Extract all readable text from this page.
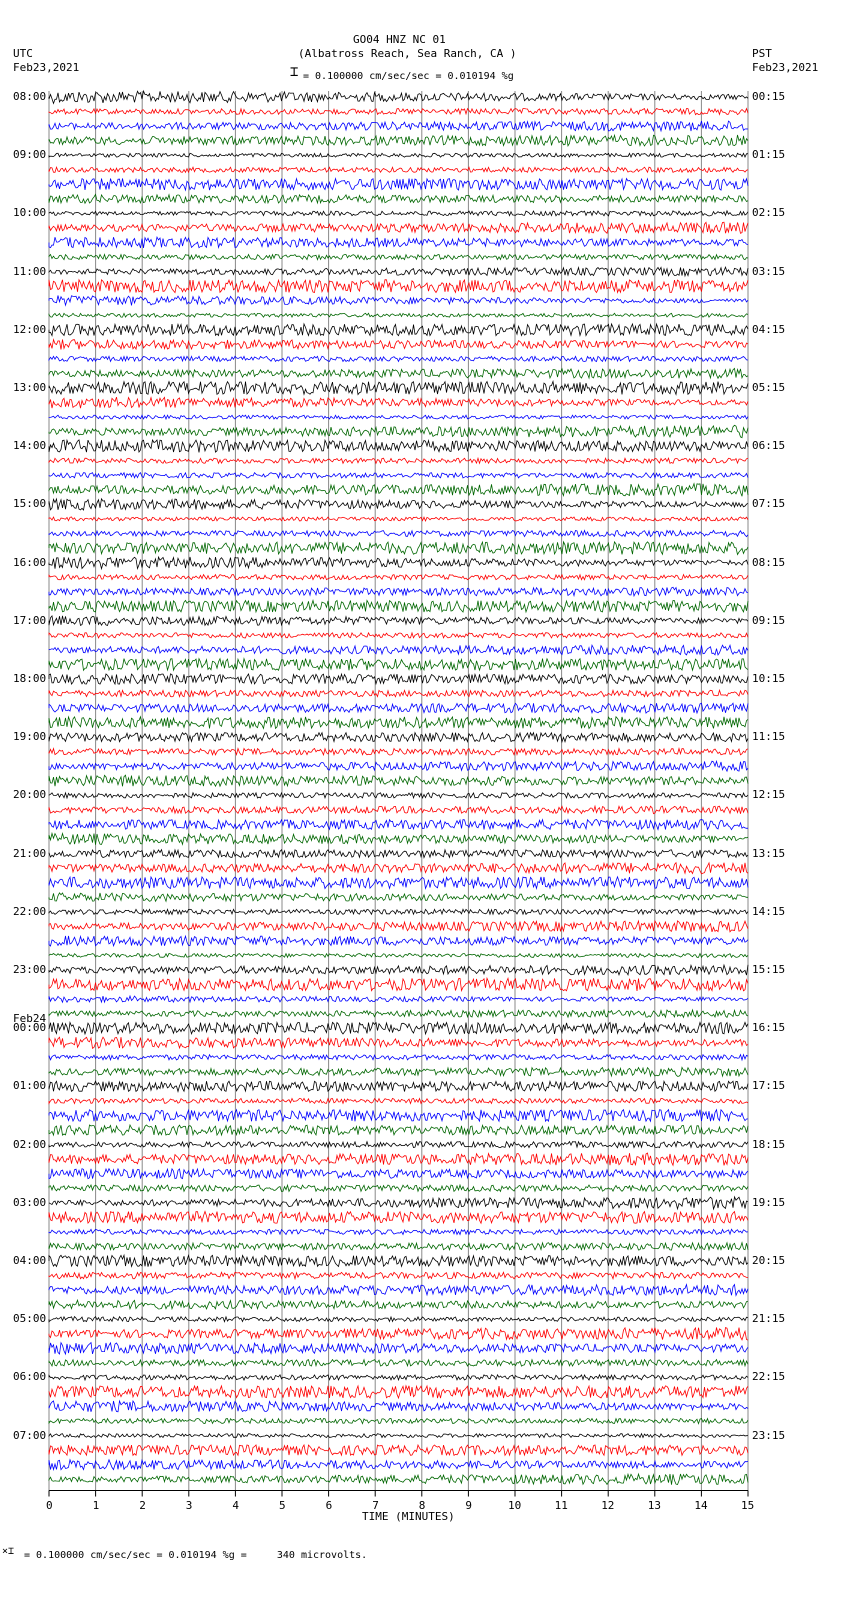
GO04 HNZ NC 01
(Albatross Reach, Sea Ranch, CA )
UTC
Feb23,2021
PST
Feb23,2021
⌶ = 0.100000 cm/sec/sec = 0.010194 %g
08:00
09:00
10:00
11:00
12:00
13:00
14:00
15:00
16:00
17:00
18:00
19:00
20:00
21:00
22:00
23:00
00:00
01:00
02:00
03:00
04:00
05:00
06:00
07:00
00:15
01:15
02:15
03:15
04:15
05:15
06:15
07:15
08:15
09:15
10:15
11:15
12:15
13:15
14:15
15:15
16:15
17:15
18:15
19:15
20:15
21:15
22:15
23:15
0	1	2	3	4	5	6	7	8	9	10	11	12	13	14	15
Feb24
TIME (MINUTES)
⨯⌶ = 0.100000 cm/sec/sec = 0.010194 %g =     340 microvolts.
